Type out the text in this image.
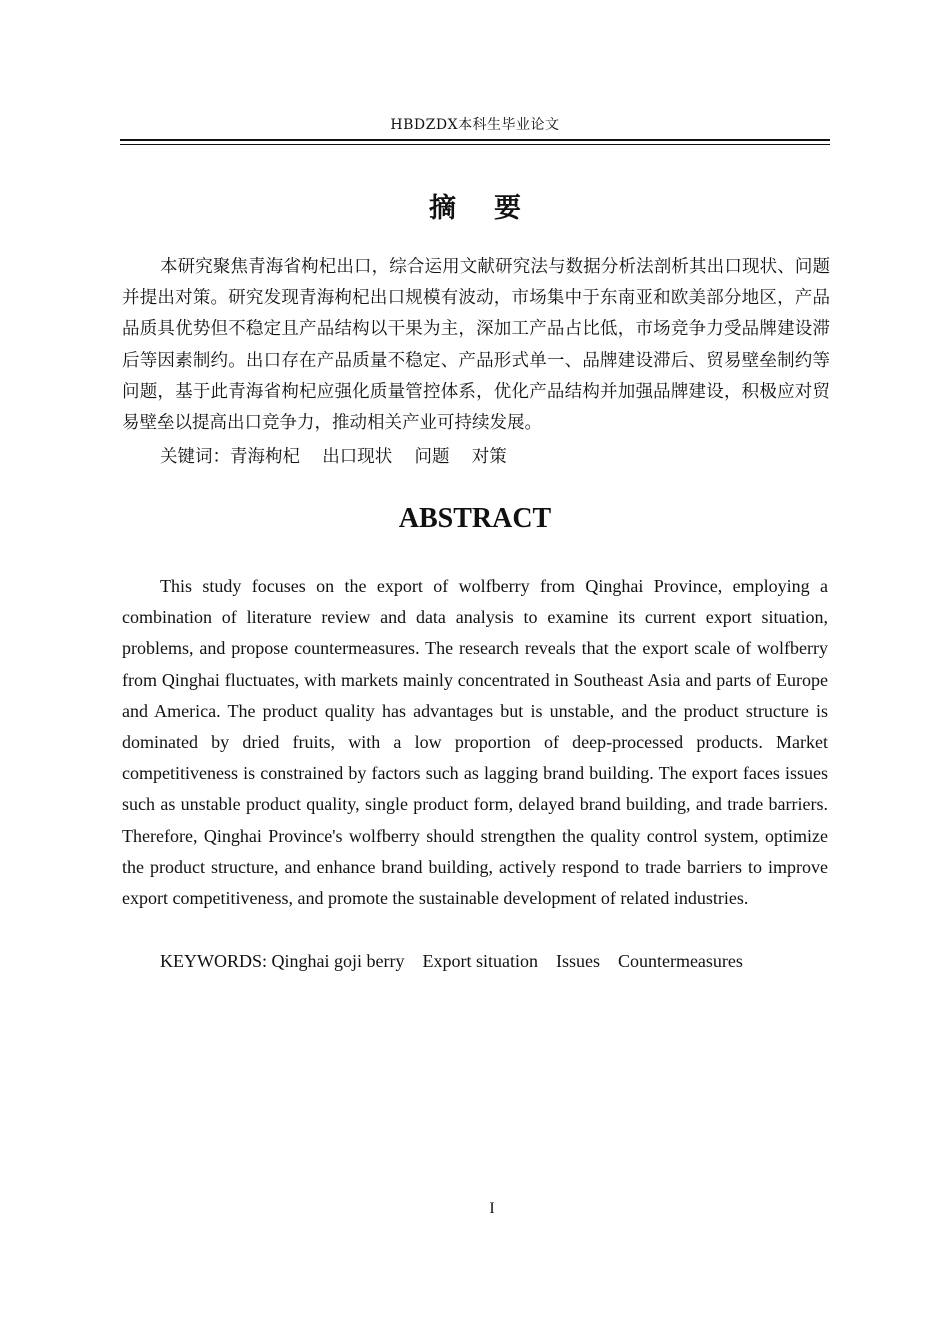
HBDZDX本科生毕业论文
摘要

本研究聚焦青海省枸杞出口，综合运用文献研究法与数据分析法剖析其出口现状、问题并提出对策。研究发现青海枸杞出口规模有波动，市场集中于东南亚和欧美部分地区，产品品质具优势但不稳定且产品结构以干果为主，深加工产品占比低，市场竞争力受品牌建设滞后等因素制约。出口存在产品质量不稳定、产品形式单一、品牌建设滞后、贸易壁垒制约等问题，基于此青海省枸杞应强化质量管控体系，优化产品结构并加强品牌建设，积极应对贸易壁垒以提高出口竞争力，推动相关产业可持续发展。

关键词：青海枸杞    出口现状    问题    对策
ABSTRACT

This study focuses on the export of wolfberry from Qinghai Province, employing a combination of literature review and data analysis to examine its current export situation, problems, and propose countermeasures. The research reveals that the export scale of wolfberry from Qinghai fluctuates, with markets mainly concentrated in Southeast Asia and parts of Europe and America. The product quality has advantages but is unstable, and the product structure is dominated by dried fruits, with a low proportion of deep-processed products. Market competitiveness is constrained by factors such as lagging brand building. The export faces issues such as unstable product quality, single product form, delayed brand building, and trade barriers. Therefore, Qinghai Province's wolfberry should strengthen the quality control system, optimize the product structure, and enhance brand building, actively respond to trade barriers to improve export competitiveness, and promote the sustainable development of related industries.

KEYWORDS: Qinghai goji berry    Export situation    Issues    Countermeasures
I
